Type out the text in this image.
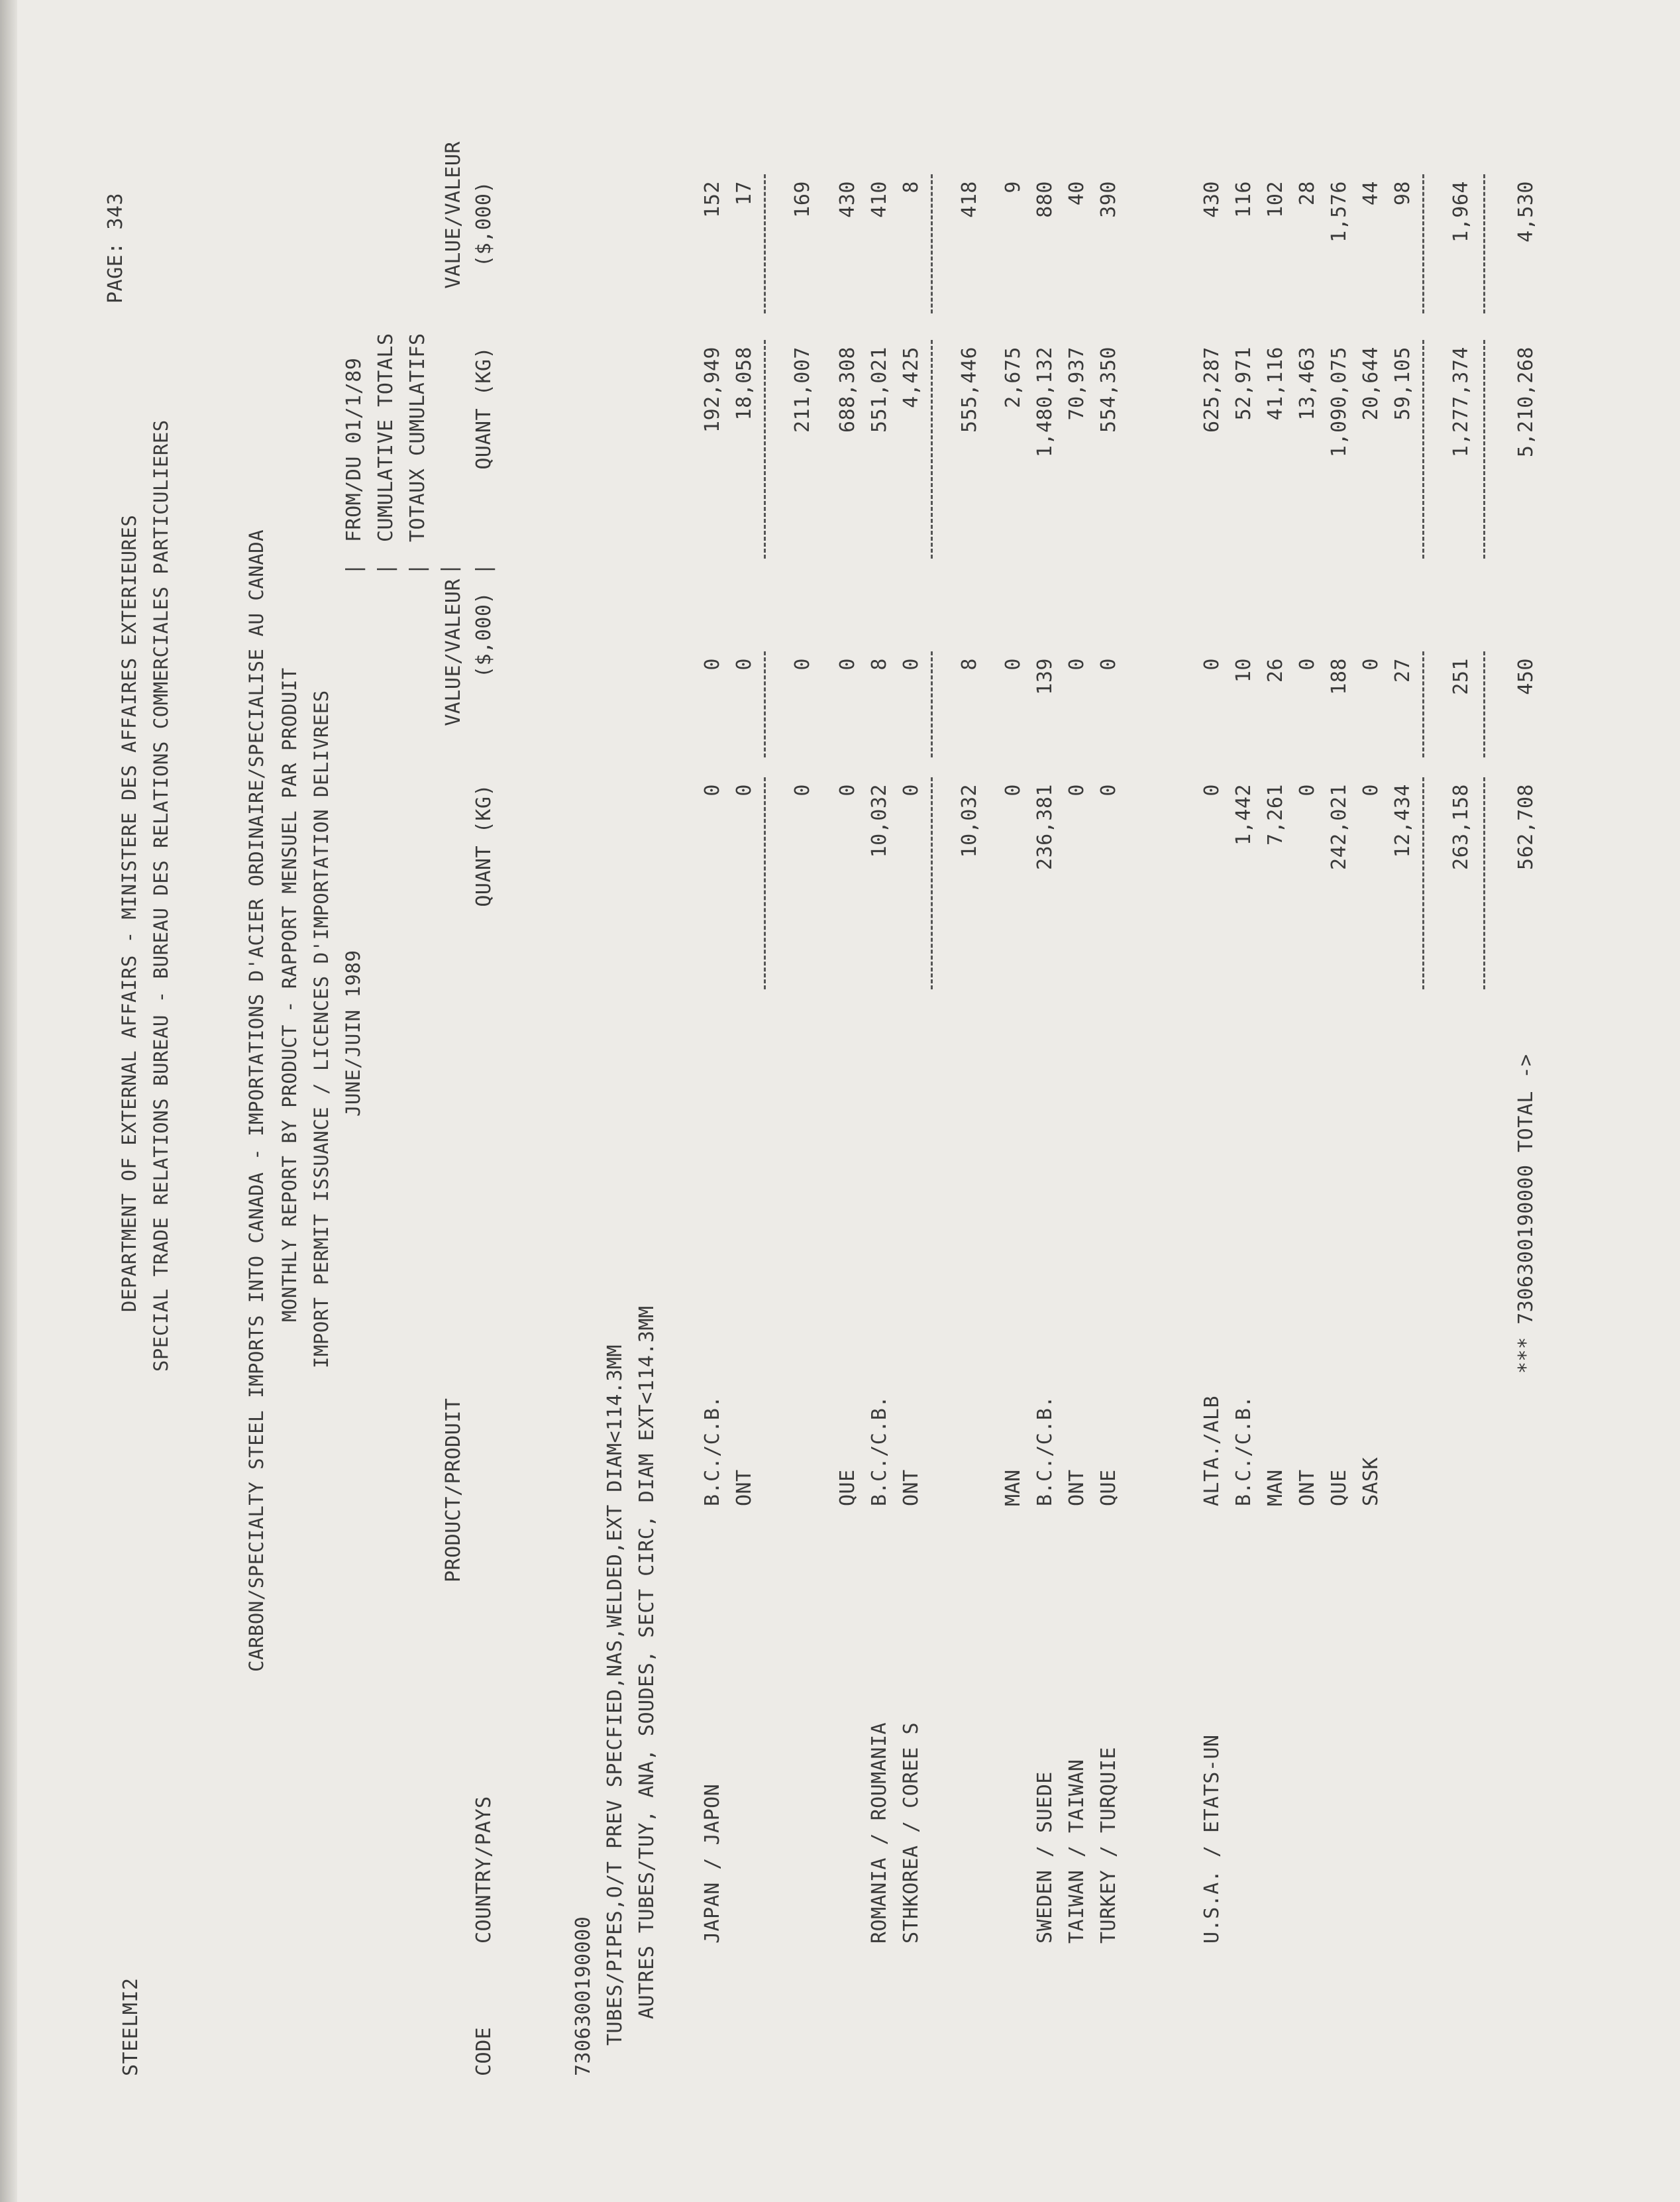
STEELMI2
DEPARTMENT OF EXTERNAL AFFAIRS - MINISTERE DES AFFAIRES EXTERIEURES SPECIAL TRADE RELATIONS BUREAU - BUREAU DES RELATIONS COMMERCIALES PARTICULIERES
PAGE: 343
CARBON/SPECIALTY STEEL IMPORTS INTO CANADA - IMPORTATIONS D'ACIER ORDINAIRE/SPECIALISE AU CANADA MONTHLY REPORT BY PRODUCT - RAPPORT MENSUEL PAR PRODUIT IMPORT PERMIT ISSUANCE / LICENCES D'IMPORTATION DELIVREES JUNE/JUIN 1989
| | | | |
FROM/DU 01/1/89 CUMULATIVE TOTALS TOTAUX CUMULATIFS
PRODUCT/PRODUIT
VALUE/VALEUR
VALUE/VALEUR
CODE
COUNTRY/PAYS
QUANT (KG)
($,000)
QUANT (KG)
($,000)
7306300190000 TUBES/PIPES,O/T PREV SPECFIED,NAS,WELDED,EXT DIAM<114.3MM AUTRES TUBES/TUY, ANA, SOUDES, SECT CIRC, DIAM EXT<114.3MM JAPAN / JAPON
B.C./C.B.
0
0
192,949
152
ONT
0
0
18,058
17
0
0
211,007
169
QUE
0
0
688,308
430
ROMANIA / ROUMANIA
B.C./C.B.
10,032
8
551,021
410
STHKOREA / COREE S
ONT
0
0
4,425
8
10,032
8
555,446
418
MAN
0
0
2,675
9
SWEDEN / SUEDE
B.C./C.B.
236,381
139
1,480,132
880
TAIWAN / TAIWAN
ONT
0
0
70,937
40
TURKEY / TURQUIE
QUE
0
0
554,350
390
U.S.A. / ETATS-UN
ALTA./ALB
0
0
625,287
430
B.C./C.B.
1,442
10
52,971
116
MAN
7,261
26
41,116
102
ONT
0
0
13,463
28
QUE
242,021
188
1,090,075
1,576
SASK
0
0
20,644
44
12,434
27
59,105
98
263,158
251
1,277,374
1,964
*** 7306300190000 TOTAL ->
562,708
450
5,210,268
4,530
